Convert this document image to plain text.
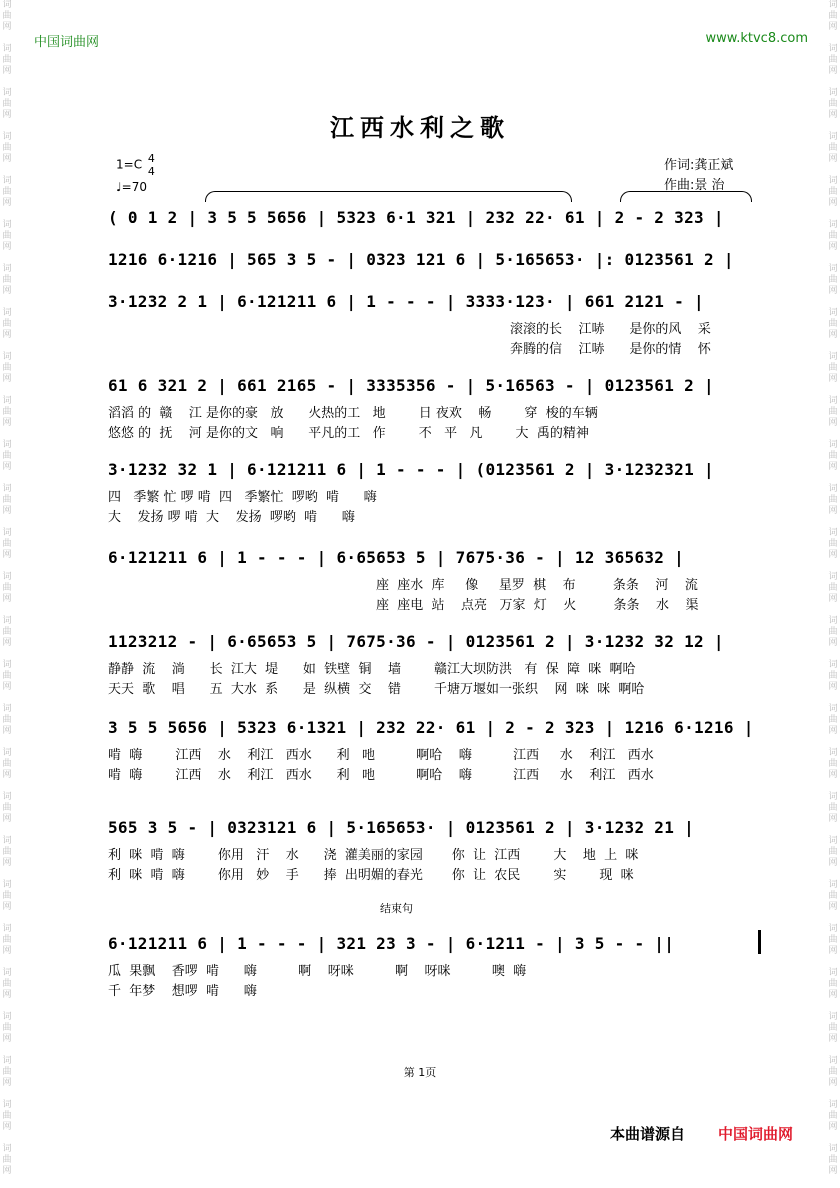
词
曲
网

词
曲
网

词
曲
网

词
曲
网

词
曲
网

词
曲
网

词
曲
网

词
曲
网

词
曲
网

词
曲
网

词
曲
网

词
曲
网

词
曲
网

词
曲
网

词
曲
网

词
曲
网

词
曲
网

词
曲
网

词
曲
网

词
曲
网

词
曲
网

词
曲
网

词
曲
网

词
曲
网

词
曲
网

词
曲
网

词
曲
网

词
曲
网

词
曲
网

词
曲
网

词
曲
网

词
曲
网

词
曲
网

词
曲
网

词
曲
网

词
曲
网

词
曲
网

词
曲
网

词
曲
网

词
曲
网

词
曲
网

词
曲
网

词
曲
网

词
曲
网

词
曲
网

词
曲
网

词
曲
网

词
曲
网

词
曲
网

词
曲
网

词
曲
网

词
曲
网

词
曲
网

词
曲
网

中国词曲网	www.ktvc8.com
江西水利之歌
1=C 4
4
♩=70
作词:龚正斌
作曲:景 治
( 0 1 2 | 3 5 5 5656 | 5323 6·1 321 | 232 22· 61 | 2 - 2 323 |
1216 6·1216 | 565 3 5 - | 0323 121 6 | 5·165653· |: 0123561 2 |
3·1232 2 1 | 6·121211 6 | 1 - - - | 3333·123· | 661 2121 - |
滚滚的长    江哧      是你的风    采
奔腾的信    江哧      是你的情    怀
61 6 321 2 | 661 2165 - | 3335356 - | 5·16563 - | 0123561 2 |
滔滔 的  赣    江 是你的豪   放      火热的工   地        日 夜欢    畅        穿  梭的车辆
悠悠 的  抚    河 是你的文   响      平凡的工   作        不   平   凡        大  禹的精神
3·1232 32 1 | 6·121211 6 | 1 - - - | (0123561 2 | 3·1232321 |
四   季繁 忙 啰 啃  四   季繁忙  啰哟  啃      嗨
大    发扬 啰 啃  大    发扬  啰哟  啃      嗨
6·121211 6 | 1 - - - | 6·65653 5 | 7675·36 - | 12 365632 |
座  座水  库     像     星罗  棋    布         条条    河    流
座  座电  站    点亮   万家  灯    火         条条    水    渠
1123212 - | 6·65653 5 | 7675·36 - | 0123561 2 | 3·1232 32 12 |
静静  流    淌      长  江大  堤      如  铁壁  铜    墙        赣江大坝防洪   有  保  障  咪  啊哈
天天  歌    唱      五  大水  系      是  纵横  交    错        千塘万堰如一张织    网  咪  咪  啊哈
3 5 5 5656 | 5323 6·1321 | 232 22· 61 | 2 - 2 323 | 1216 6·1216 |
啃  嗨        江西    水    利江   西水      利   吔          啊哈    嗨          江西     水    利江   西水
啃  嗨        江西    水    利江   西水      利   吔          啊哈    嗨          江西     水    利江   西水
565 3 5 - | 0323121 6 | 5·165653· | 0123561 2 | 3·1232 21 |
利  咪  啃  嗨        你用   汗    水      浇  灌美丽的家园       你  让  江西        大    地  上  咪
利  咪  啃  嗨        你用   妙    手      捧  出明媚的春光       你  让  农民        实        现  咪
结束句
6·121211 6 | 1 - - - | 321 23 3 - | 6·1211 - | 3 5 - - ||
瓜  果飘    香啰  啃      嗨          啊    呀咪          啊    呀咪          噢  嗨
千  年梦    想啰  啃      嗨
第 1页
本曲谱源自 中国词曲网
